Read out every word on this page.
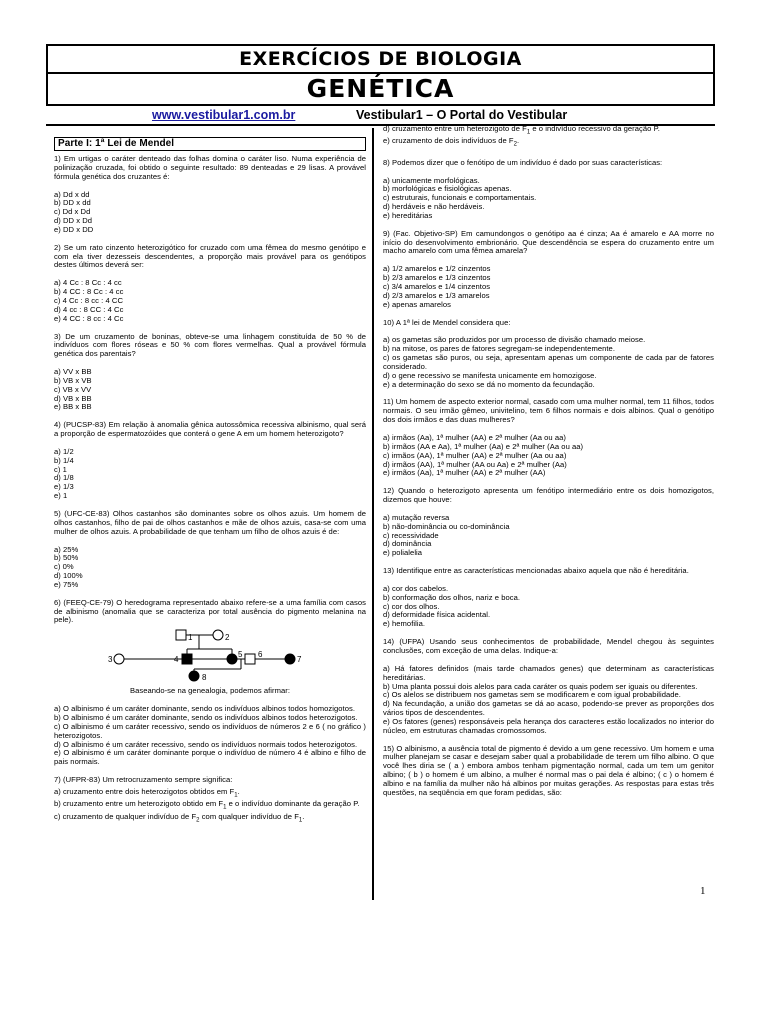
EXERCÍCIOS DE BIOLOGIA
GENÉTICA
www.vestibular1.com.br	Vestibular1 – O Portal do Vestibular
Parte I: 1ª Lei de Mendel

1) Em urtigas o caráter denteado das folhas domina o caráter liso. Numa experiência de polinização cruzada, foi obtido o seguinte resultado: 89 denteadas e 29 lisas. A provável fórmula genética dos cruzantes é:

a) Dd x dd

b) DD x dd

c) Dd x Dd

d) DD x Dd

e) DD x DD

2) Se um rato cinzento heterozigótico for cruzado com uma fêmea do mesmo genótipo e com ela tiver dezesseis descendentes, a proporção mais provável para os genótipos destes últimos deverá ser:

a) 4 Cc : 8 Cc : 4 cc

b) 4 CC : 8 Cc : 4 cc

c) 4 Cc : 8 cc : 4 CC

d) 4 cc : 8 CC : 4 Cc

e) 4 CC : 8 cc : 4 Cc

3) De um cruzamento de boninas, obteve-se uma linhagem constituída de 50 % de indivíduos com flores róseas e 50 % com flores vermelhas. Qual a provável fórmula genética dos parentais?

a) VV x BB

b) VB x VB

c) VB x VV

d) VB x BB

e) BB x BB

4) (PUCSP-83) Em relação à anomalia gênica autossômica recessiva albinismo, qual será a proporção de espermatozóides que conterá o gene A em um homem heterozigoto?

a) 1/2

b) 1/4

c) 1

d) 1/8

e) 1/3

e) 1

5) (UFC-CE-83) Olhos castanhos são dominantes sobre os olhos azuis. Um homem de olhos castanhos, filho de pai de olhos castanhos e mãe de olhos azuis, casa-se com uma mulher de olhos azuis. A probabilidade de que tenham um filho de olhos azuis é de:

a) 25%

b) 50%

c) 0%

d) 100%

e) 75%

6) (FEEQ-CE-79) O heredograma representado abaixo refere-se a uma família com casos de albinismo (anomalia que se caracteriza por total ausência do pigmento melanina na pele).

1	2
3	4
5 6
7
8

Baseando-se na genealogia, podemos afirmar:

a) O albinismo é um caráter dominante, sendo os indivíduos albinos todos homozigotos.

b) O albinismo é um caráter dominante, sendo os indivíduos albinos todos heterozigotos.

c) O albinismo é um caráter recessivo, sendo os indivíduos de números 2 e 6 ( no gráfico ) heterozigotos.

d) O albinismo é um caráter recessivo, sendo os indivíduos normais todos heterozigotos.

e) O albinismo é um caráter dominante porque o indivíduo de número 4 é albino e filho de pais normais.

7) (UFPR-83) Um retrocruzamento sempre significa:

a) cruzamento entre dois heterozigotos obtidos em $F_1$.

b) cruzamento entre um heterozigoto obtido em $F_1$ e o indivíduo dominante da geração P.

c) cruzamento de qualquer indivíduo de $F_2$ com qualquer indivíduo de $F_1$.

d) cruzamento entre um heterozigoto de $F_1$ e o indivíduo recessivo da geração P.

e) cruzamento de dois indivíduos de $F_2$.

8) Podemos dizer que o fenótipo de um indivíduo é dado por suas características:

a) unicamente morfológicas.

b) morfológicas e fisiológicas apenas.

c) estruturais, funcionais e comportamentais.

d) herdáveis e não herdáveis.

e) hereditárias

9) (Fac. Objetivo-SP) Em camundongos o genótipo aa é cinza; Aa é amarelo e AA morre no início do desenvolvimento embrionário. Que descendência se espera do cruzamento entre um macho amarelo com uma fêmea amarela?

a) 1/2 amarelos e 1/2 cinzentos

b) 2/3 amarelos e 1/3 cinzentos

c) 3/4 amarelos e 1/4 cinzentos

d) 2/3 amarelos e 1/3 amarelos

e) apenas amarelos

10) A 1ª lei de Mendel considera que:

a) os gametas são produzidos por um processo de divisão chamado meiose.

b) na mitose, os pares de fatores segregam-se independentemente.

c) os gametas são puros, ou seja, apresentam apenas um componente de cada par de fatores considerado.

d) o gene recessivo se manifesta unicamente em homozigose.

e) a determinação do sexo se dá no momento da fecundação.

11) Um homem de aspecto exterior normal, casado com uma mulher normal, tem 11 filhos, todos normais. O seu irmão gêmeo, univitelino, tem 6 filhos normais e dois albinos. Qual o genótipo dos dois irmãos e das duas mulheres?

a) irmãos (Aa), 1ª mulher (AA) e 2ª mulher (Aa ou aa)

b) irmãos (AA e Aa), 1ª mulher (Aa) e 2ª mulher (Aa ou aa)

c) irmãos (AA), 1ª mulher (AA) e 2ª mulher (Aa ou aa)

d) irmãos (AA), 1ª mulher (AA ou Aa) e 2ª mulher (Aa)

e) irmãos (Aa), 1ª mulher (AA) e 2ª mulher (AA)

12) Quando o heterozigoto apresenta um fenótipo intermediário entre os dois homozigotos, dizemos que houve:

a) mutação reversa

b) não-dominância ou co-dominância

c) recessividade

d) dominância

e) polialelia

13) Identifique entre as características mencionadas abaixo aquela que não é hereditária.

a) cor dos cabelos.

b) conformação dos olhos, nariz e boca.

c) cor dos olhos.

d) deformidade física acidental.

e) hemofilia.

14) (UFPA) Usando seus conhecimentos de probabilidade, Mendel chegou às seguintes conclusões, com exceção de uma delas. Indique-a:

a) Há fatores definidos (mais tarde chamados genes) que determinam as características hereditárias.

b) Uma planta possui dois alelos para cada caráter os quais podem ser iguais ou diferentes.

c) Os alelos se distribuem nos gametas sem se modificarem e com igual probabilidade.

d) Na fecundação, a união dos gametas se dá ao acaso, podendo-se prever as proporções dos vários tipos de descendentes.

e) Os fatores (genes) responsáveis pela herança dos caracteres estão localizados no interior do núcleo, em estruturas chamadas cromossomos.

15) O albinismo, a ausência total de pigmento é devido a um gene recessivo. Um homem e uma mulher planejam se casar e desejam saber qual a probabilidade de terem um filho albino. O que você lhes diria se ( a ) embora ambos tenham pigmentação normal, cada um tem um genitor albino; ( b ) o homem é um albino, a mulher é normal mas o pai dela é albino; ( c ) o homem é albino e na família da mulher não há albinos por muitas gerações. As respostas para estas três questões, na seqüência em que foram pedidas, são:

1
